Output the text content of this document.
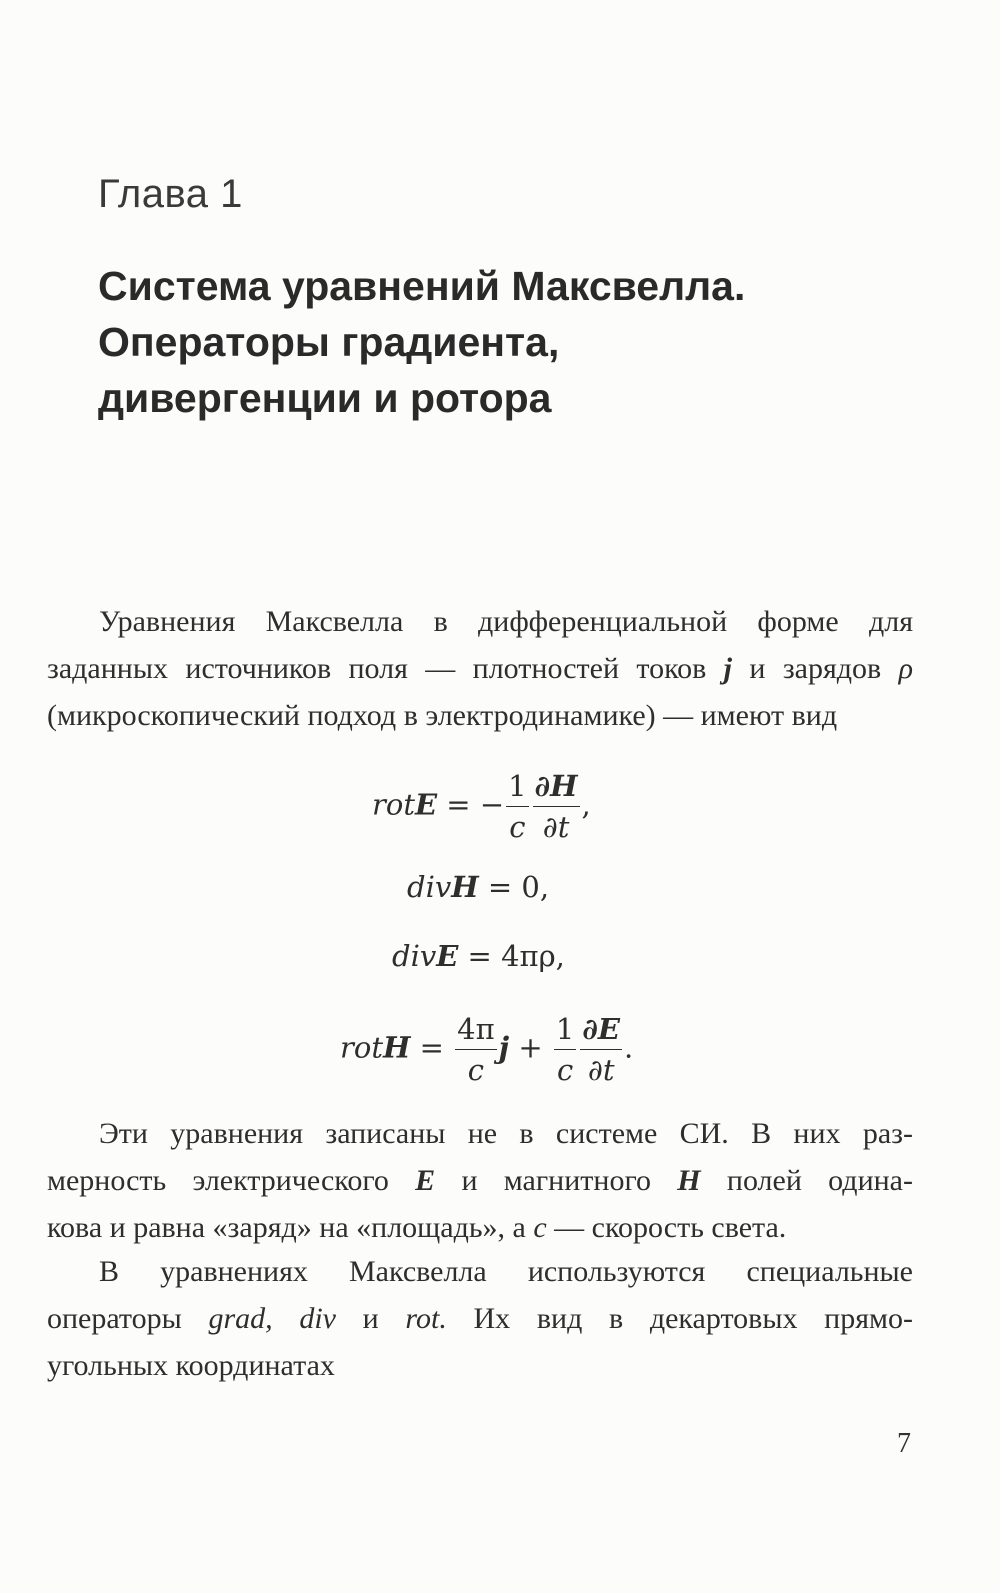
Глава 1
Система уравнений Максвелла.
Операторы градиента,
дивергенции и ротора

Уравнения Максвелла в дифференциальной форме для
заданных источников поля — плотностей токов j и зарядов ρ
(микроскопический подход в электродинамике) — имеют вид

rotE = − $\frac{1}{c} \frac{\partial H}{\partial t}$ ,
divH = 0,
divE = 4πρ,
rotH = $\frac{4\pi}{c}$ $j + \frac{1}{c} \frac{\partial E}{\partial t}$ .

Эти уравнения записаны не в системе СИ. В них раз-
мерность электрического E и магнитного H полей одина-
кова и равна «заряд» на «площадь», а c — скорость света.

В уравнениях Максвелла используются специальные
операторы grad, div и rot. Их вид в декартовых прямо-
угольных координатах

7
